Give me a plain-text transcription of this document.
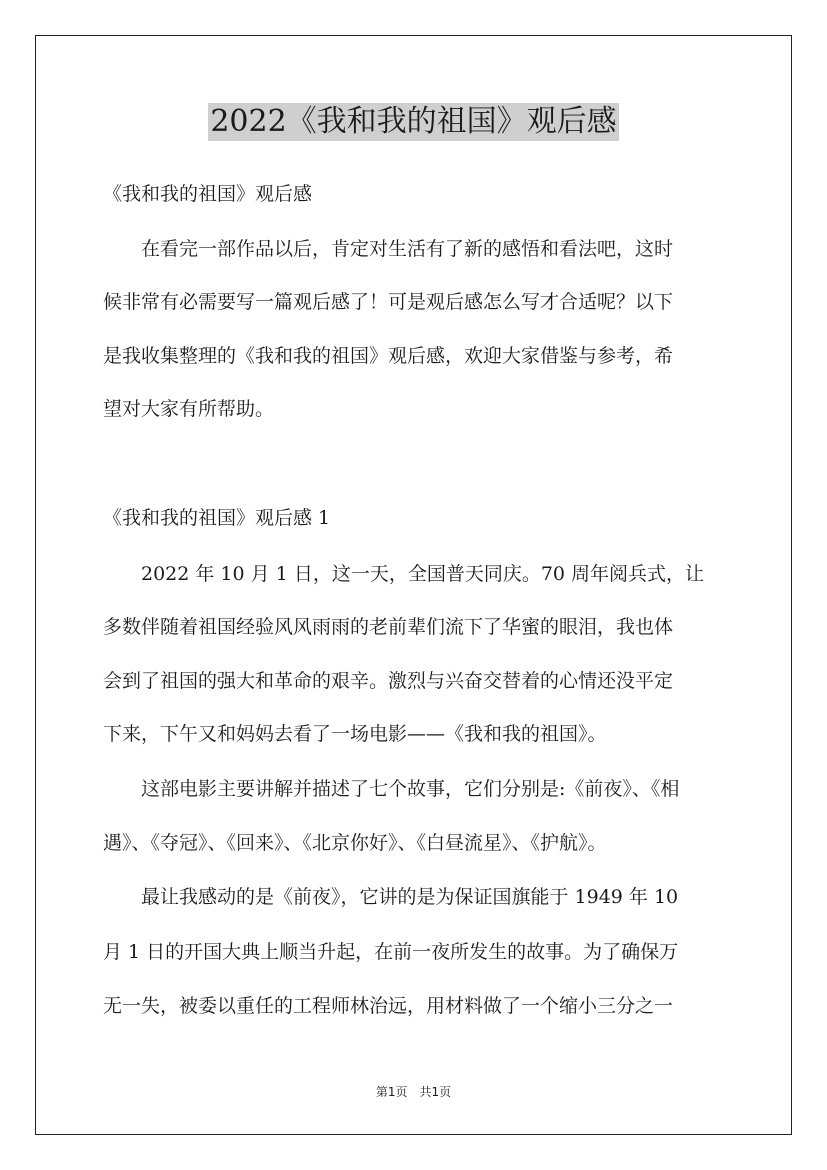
2022《我和我的祖国》观后感
《我和我的祖国》观后感
　　在看完一部作品以后，肯定对生活有了新的感悟和看法吧，这时
候非常有必需要写一篇观后感了！可是观后感怎么写才合适呢？以下
是我收集整理的《我和我的祖国》观后感，欢迎大家借鉴与参考，希
望对大家有所帮助。
《我和我的祖国》观后感 1
　　2022 年 10 月 1 日，这一天，全国普天同庆。70 周年阅兵式，让
多数伴随着祖国经验风风雨雨的老前辈们流下了华蜜的眼泪，我也体
会到了祖国的强大和革命的艰辛。激烈与兴奋交替着的心情还没平定
下来，下午又和妈妈去看了一场电影——《我和我的祖国》。
　　这部电影主要讲解并描述了七个故事，它们分别是:《前夜》、《相
遇》、《夺冠》、《回来》、《北京你好》、《白昼流星》、《护航》。
　　最让我感动的是《前夜》，它讲的是为保证国旗能于 1949 年 10
月 1 日的开国大典上顺当升起，在前一夜所发生的故事。为了确保万
无一失，被委以重任的工程师林治远，用材料做了一个缩小三分之一
第1页　共1页
